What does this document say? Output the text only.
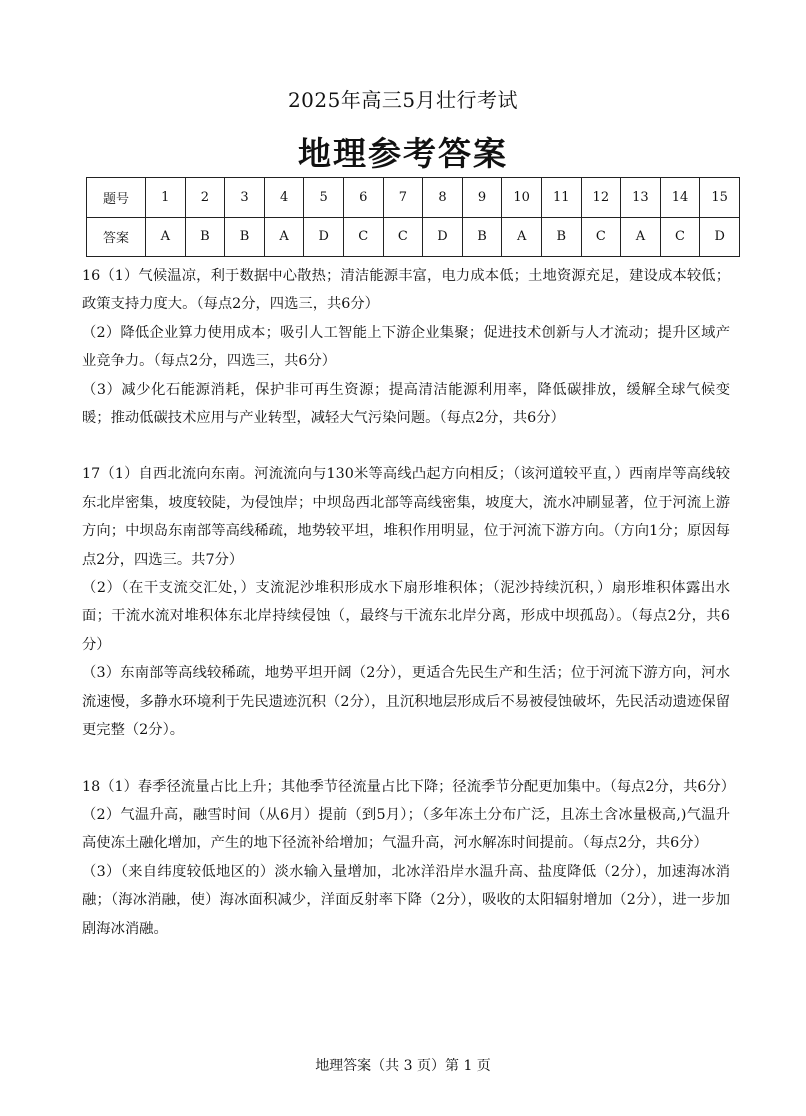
2025年高三5月壮行考试
地理参考答案
题号	1	2	3	4	5	6	7	8	9	10	11	12	13	14	15
答案	A	B	B	A	D	C	C	D	B	A	B	C	A	C	D

16（1）气候温凉，利于数据中心散热；清洁能源丰富，电力成本低；土地资源充足，建设成本较低；政策支持力度大。（每点2分，四选三，共6分）

（2）降低企业算力使用成本；吸引人工智能上下游企业集聚；促进技术创新与人才流动；提升区域产业竞争力。（每点2分，四选三，共6分）

（3）减少化石能源消耗，保护非可再生资源；提高清洁能源利用率，降低碳排放，缓解全球气候变暖；推动低碳技术应用与产业转型，减轻大气污染问题。（每点2分，共6分）

17（1）自西北流向东南。河流流向与130米等高线凸起方向相反；（该河道较平直，）西南岸等高线较东北岸密集，坡度较陡，为侵蚀岸；中坝岛西北部等高线密集，坡度大，流水冲刷显著，位于河流上游方向；中坝岛东南部等高线稀疏，地势较平坦，堆积作用明显，位于河流下游方向。（方向1分；原因每点2分，四选三。共7分）

（2）（在干支流交汇处，）支流泥沙堆积形成水下扇形堆积体；（泥沙持续沉积，）扇形堆积体露出水面；干流水流对堆积体东北岸持续侵蚀（，最终与干流东北岸分离，形成中坝孤岛）。（每点2分，共6分）

（3）东南部等高线较稀疏，地势平坦开阔（2分），更适合先民生产和生活；位于河流下游方向，河水流速慢，多静水环境利于先民遗迹沉积（2分），且沉积地层形成后不易被侵蚀破坏，先民活动遗迹保留更完整（2分）。

18（1）春季径流量占比上升；其他季节径流量占比下降；径流季节分配更加集中。（每点2分，共6分）

（2）气温升高，融雪时间（从6月）提前（到5月）；（多年冻土分布广泛，且冻土含冰量极高,)气温升高使冻土融化增加，产生的地下径流补给增加；气温升高，河水解冻时间提前。（每点2分，共6分）

（3）（来自纬度较低地区的）淡水输入量增加，北冰洋沿岸水温升高、盐度降低（2分），加速海冰消融；（海冰消融，使）海冰面积减少，洋面反射率下降（2分），吸收的太阳辐射增加（2分），进一步加剧海冰消融。

地理答案（共 3 页）第 1 页
